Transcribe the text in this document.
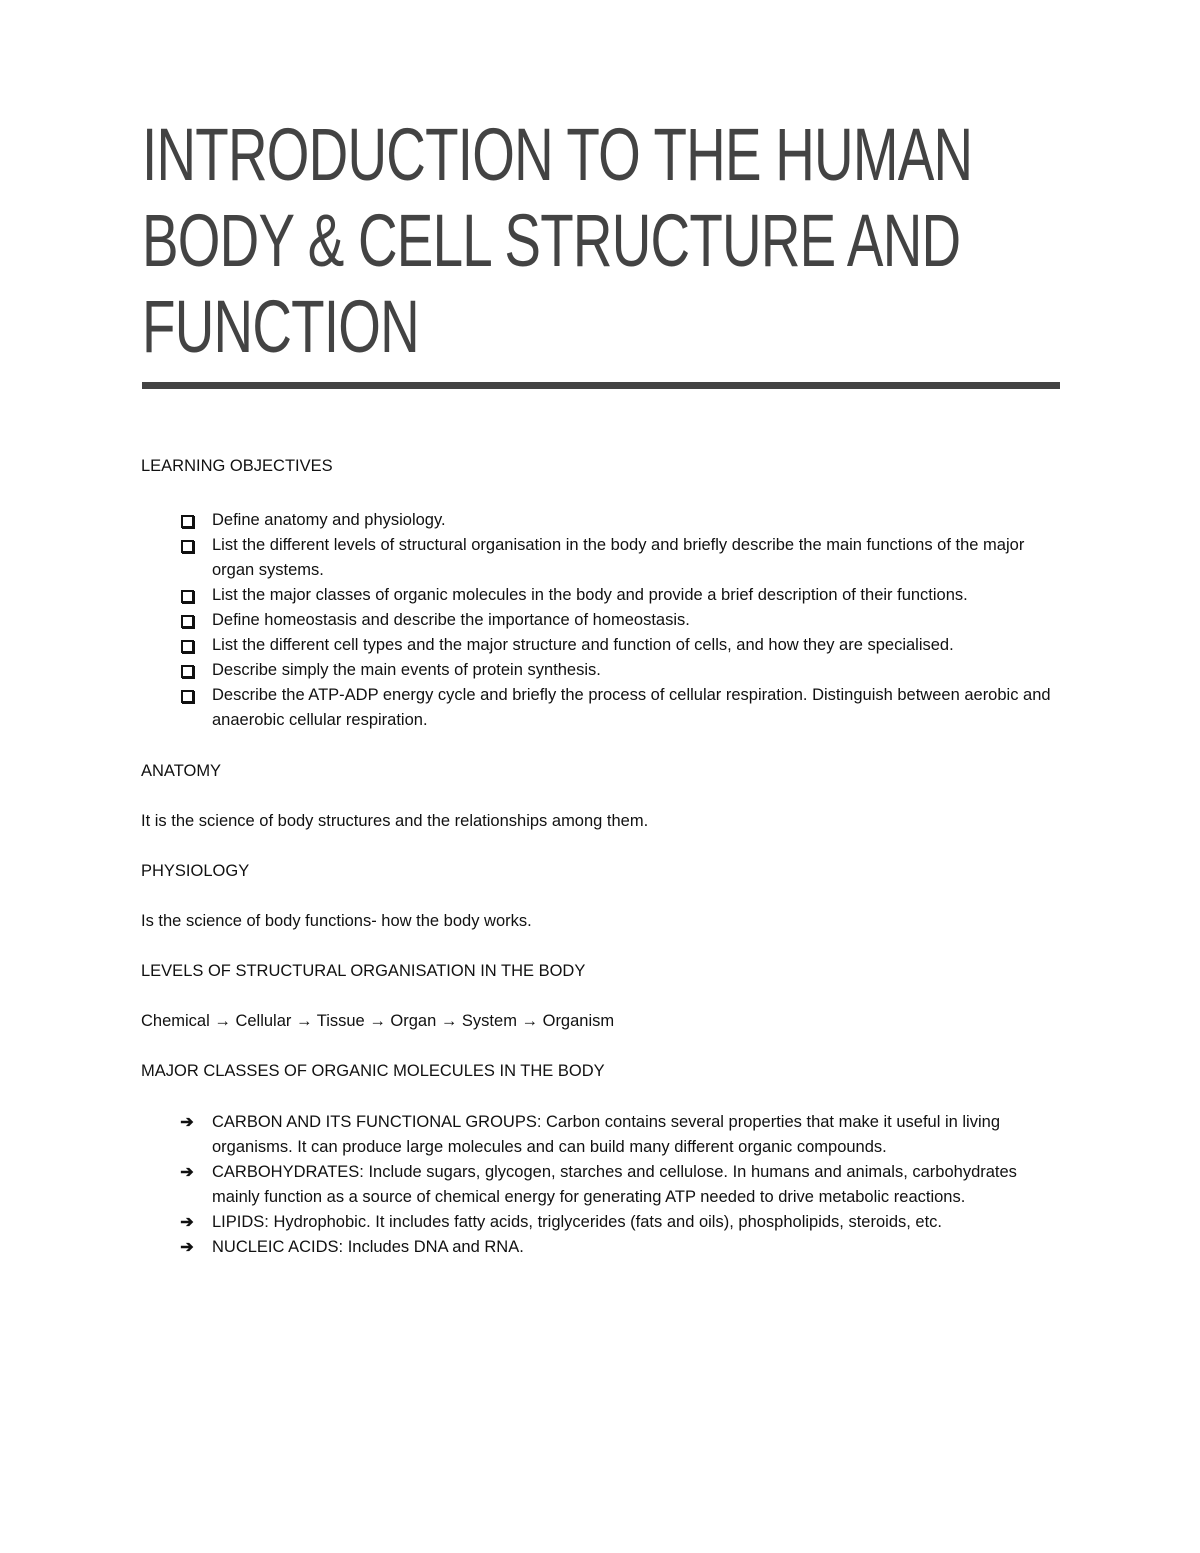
INTRODUCTION TO THE HUMAN BODY & CELL STRUCTURE AND FUNCTION

LEARNING OBJECTIVES

Define anatomy and physiology.
List the different levels of structural organisation in the body and briefly describe the main functions of the major organ systems.
List the major classes of organic molecules in the body and provide a brief description of their functions.
Define homeostasis and describe the importance of homeostasis.
List the different cell types and the major structure and function of cells, and how they are specialised.
Describe simply the main events of protein synthesis.
Describe the ATP-ADP energy cycle and briefly the process of cellular respiration. Distinguish between aerobic and anaerobic cellular respiration.

ANATOMY

It is the science of body structures and the relationships among them.

PHYSIOLOGY

Is the science of body functions- how the body works.

LEVELS OF STRUCTURAL ORGANISATION IN THE BODY

Chemical → Cellular → Tissue → Organ → System → Organism

MAJOR CLASSES OF ORGANIC MOLECULES IN THE BODY

➔ CARBON AND ITS FUNCTIONAL GROUPS: Carbon contains several properties that make it useful in living organisms. It can produce large molecules and can build many different organic compounds.
➔ CARBOHYDRATES: Include sugars, glycogen, starches and cellulose. In humans and animals, carbohydrates mainly function as a source of chemical energy for generating ATP needed to drive metabolic reactions.
➔ LIPIDS: Hydrophobic. It includes fatty acids, triglycerides (fats and oils), phospholipids, steroids, etc.
➔ NUCLEIC ACIDS: Includes DNA and RNA.
